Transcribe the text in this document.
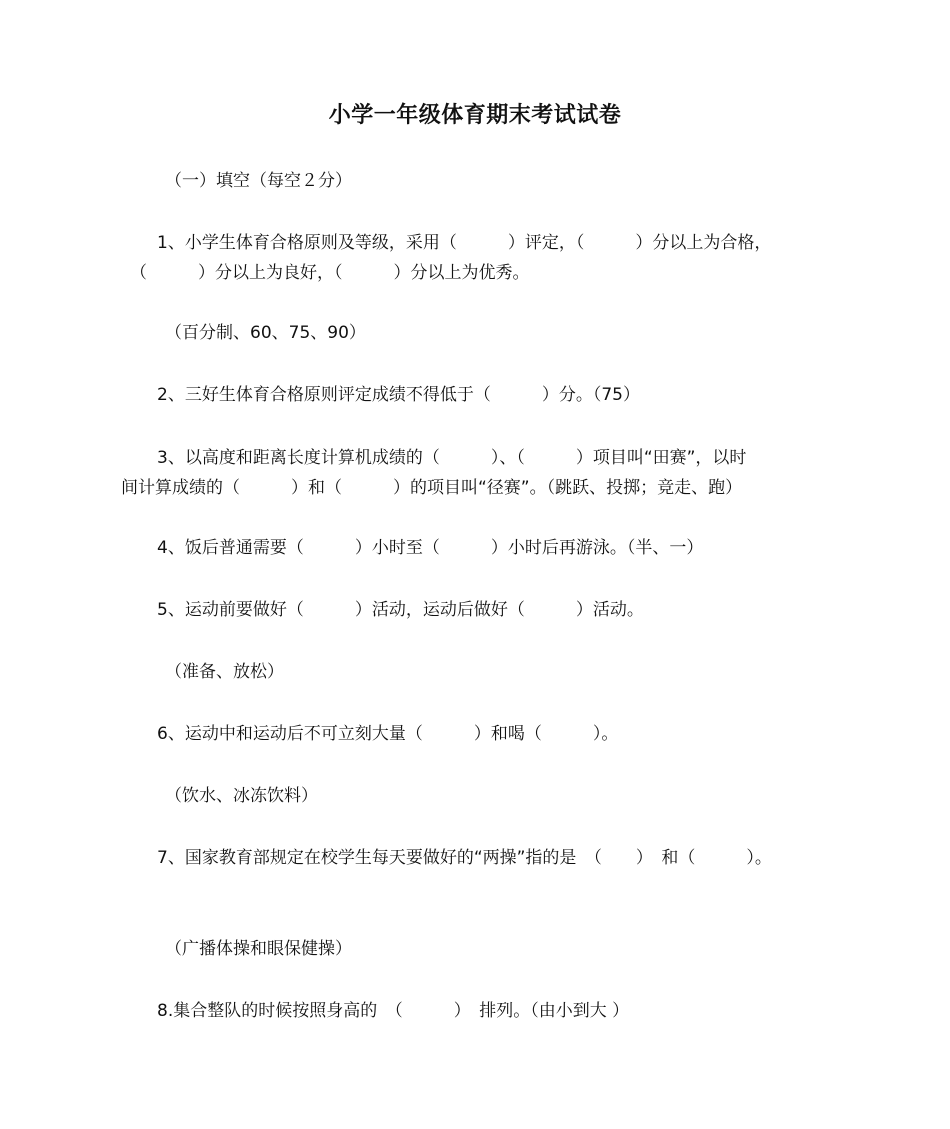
小学一年级体育期末考试试卷

（一）填空（每空２分）

1、小学生体育合格原则及等级，采用（　　　）评定，（　　　）分以上为合格，

（　　　）分以上为良好，（　　　）分以上为优秀。

（百分制、60、75、90）

2、三好生体育合格原则评定成绩不得低于（　　　）分。（75）

3、以高度和距离长度计算机成绩的（　　　）、（　　　）项目叫“田赛”，以时

间计算成绩的（　　　）和（　　　）的项目叫“径赛”。（跳跃、投掷；竞走、跑）

4、饭后普通需要（　　　）小时至（　　　）小时后再游泳。（半、一）

5、运动前要做好（　　　）活动，运动后做好（　　　）活动。

（准备、放松）

6、运动中和运动后不可立刻大量（　　　）和喝（　　　）。

（饮水、冰冻饮料）

7、国家教育部规定在校学生每天要做好的“两操”指的是　（　　）　和（　　　）。

（广播体操和眼保健操）

8.集合整队的时候按照身高的　（　　　）　排列。（由小到大 ）
